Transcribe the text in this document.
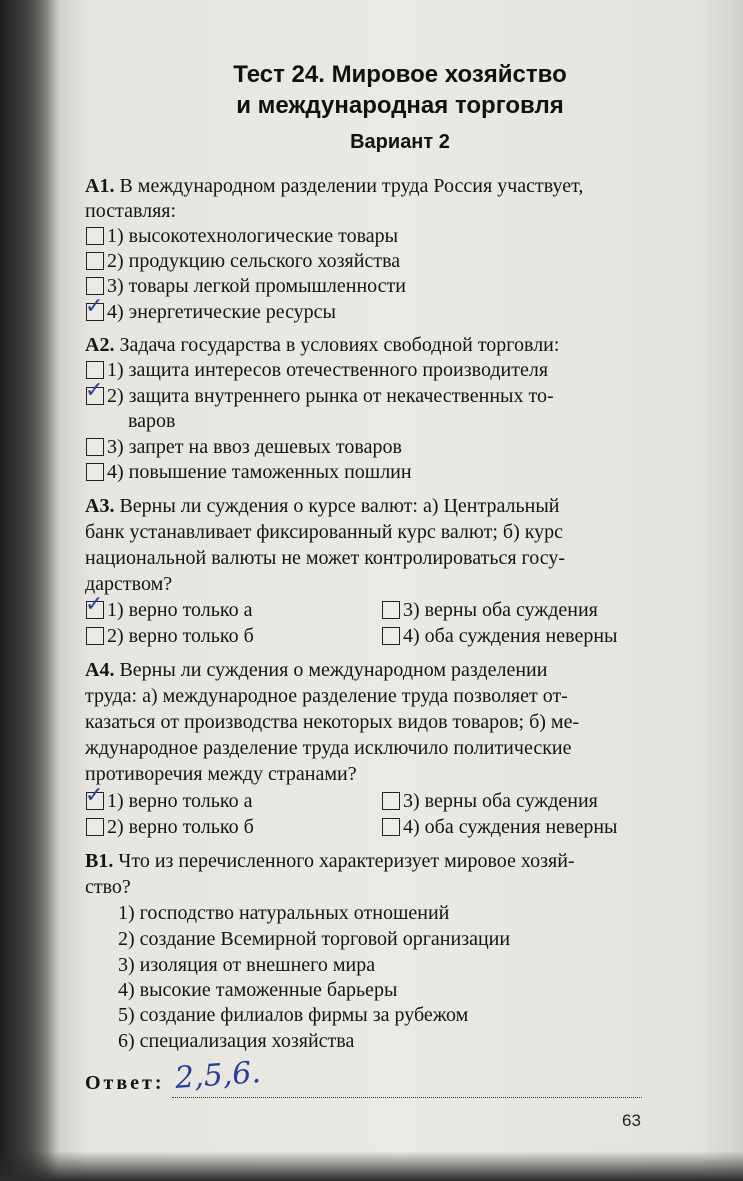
Тест 24. Мировое хозяйство
и международная торговля
Вариант 2
А1. В международном разделении труда Россия участвует,
поставляя:
1) высокотехнологические товары
2) продукцию сельского хозяйства
3) товары легкой промышленности
✓ 4) энергетические ресурсы
А2. Задача государства в условиях свободной торговли:
1) защита интересов отечественного производителя
✓ 2) защита внутреннего рынка от некачественных то-
варов
3) запрет на ввоз дешевых товаров
4) повышение таможенных пошлин
А3. Верны ли суждения о курсе валют: а) Центральный
банк устанавливает фиксированный курс валют; б) курс
национальной валюты не может контролироваться госу-
дарством?
✓ 1) верно только а
2) верно только б
3) верны оба суждения
4) оба суждения неверны
А4. Верны ли суждения о международном разделении
труда: а) международное разделение труда позволяет от-
казаться от производства некоторых видов товаров; б) ме-
ждународное разделение труда исключило политические
противоречия между странами?
✓ 1) верно только а
2) верно только б
3) верны оба суждения
4) оба суждения неверны
В1. Что из перечисленного характеризует мировое хозяй-
ство?
1) господство натуральных отношений
2) создание Всемирной торговой организации
3) изоляция от внешнего мира
4) высокие таможенные барьеры
5) создание филиалов фирмы за рубежом
6) специализация хозяйства
Ответ: 2,5,6.
63
